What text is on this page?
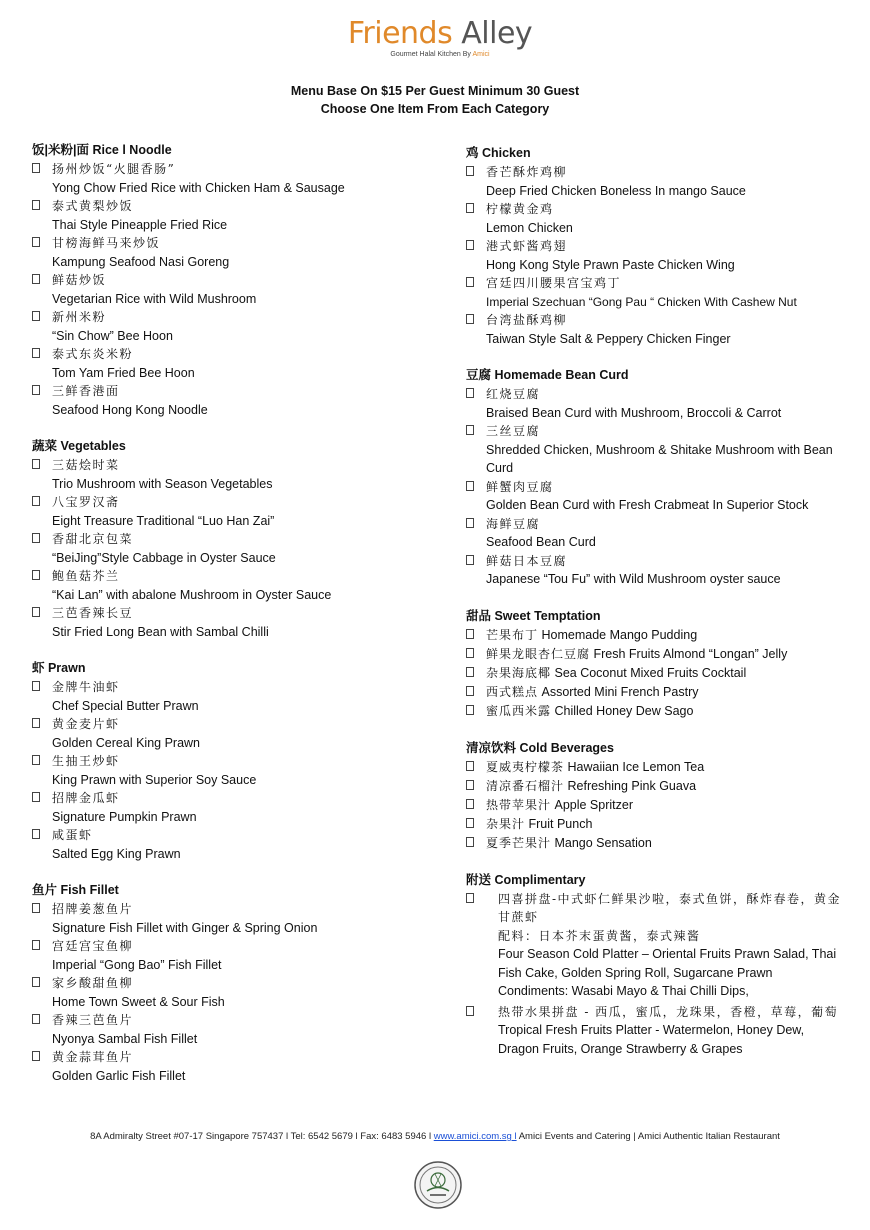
Friends Alley
Gourmet Halal Kitchen By Amici
Menu Base On $15 Per Guest Minimum 30 Guest
Choose One Item From Each Category
饭|米粉|面 Rice l Noodle
扬州炒饭“火腿香肠”
Yong Chow Fried Rice with Chicken Ham & Sausage
泰式黄梨炒饭
Thai Style Pineapple Fried Rice
甘榜海鲜马来炒饭
Kampung Seafood Nasi Goreng
鲜菇炒饭
Vegetarian Rice with Wild Mushroom
新州米粉
“Sin Chow” Bee Hoon
泰式东炎米粉
Tom Yam Fried Bee Hoon
三鲜香港面
Seafood Hong Kong Noodle
蔬菜 Vegetables
三菇烩时菜
Trio Mushroom with Season Vegetables
八宝罗汉斋
Eight Treasure Traditional “Luo Han Zai”
香甜北京包菜
“BeiJing”Style Cabbage in Oyster Sauce
鲍鱼菇芥兰
“Kai Lan” with abalone Mushroom in Oyster Sauce
三芭香辣长豆
Stir Fried Long Bean with Sambal Chilli
虾 Prawn
金牌牛油虾
Chef Special Butter Prawn
黄金麦片虾
Golden Cereal King Prawn
生抽王炒虾
King Prawn with Superior Soy Sauce
招牌金瓜虾
Signature Pumpkin Prawn
咸蛋虾
Salted Egg King Prawn
鱼片 Fish Fillet
招牌姜葱鱼片
Signature Fish Fillet with Ginger & Spring Onion
宫廷宫宝鱼柳
Imperial “Gong Bao” Fish Fillet
家乡酸甜鱼柳
Home Town Sweet & Sour Fish
香辣三芭鱼片
Nyonya Sambal Fish Fillet
黄金蒜茸鱼片
Golden Garlic Fish Fillet
鸡 Chicken
香芒酥炸鸡柳
Deep Fried Chicken Boneless In mango Sauce
柠檬黄金鸡
Lemon Chicken
港式虾酱鸡翅
Hong Kong Style Prawn Paste Chicken Wing
宫廷四川腰果宫宝鸡丁
Imperial Szechuan “Gong Pau “ Chicken With Cashew Nut
台湾盐酥鸡柳
Taiwan Style Salt & Peppery Chicken Finger
豆腐 Homemade Bean Curd
红烧豆腐
Braised Bean Curd with Mushroom, Broccoli & Carrot
三丝豆腐
Shredded Chicken, Mushroom & Shitake Mushroom with Bean Curd
鲜蟹肉豆腐
Golden Bean Curd with Fresh Crabmeat In Superior Stock
海鲜豆腐
Seafood Bean Curd
鲜菇日本豆腐
Japanese “Tou Fu” with Wild Mushroom oyster sauce
甜品 Sweet Temptation
芒果布丁 Homemade Mango Pudding
鲜果龙眼杏仁豆腐 Fresh Fruits Almond “Longan” Jelly
杂果海底椰 Sea Coconut Mixed Fruits Cocktail
西式糕点 Assorted Mini French Pastry
蜜瓜西米露 Chilled Honey Dew Sago
清凉饮料 Cold Beverages
夏威夷柠檬茶 Hawaiian Ice Lemon Tea
清凉番石榴汁 Refreshing Pink Guava
热带苹果汁 Apple Spritzer
杂果汁 Fruit Punch
夏季芒果汁 Mango Sensation
附送 Complimentary
四喜拼盘-中式虾仁鲜果沙啦，泰式鱼饼，酥炸春卷，黄金甘蔗虾
配料：日本芥末蛋黄酱，泰式辣酱
Four Season Cold Platter – Oriental Fruits Prawn Salad, Thai Fish Cake, Golden Spring Roll, Sugarcane Prawn
Condiments: Wasabi Mayo & Thai Chilli Dips,
热带水果拼盘 - 西瓜，蜜瓜，龙珠果，香橙，草莓，葡萄
Tropical Fresh Fruits Platter - Watermelon, Honey Dew, Dragon Fruits, Orange Strawberry & Grapes
8A Admiralty Street #07-17 Singapore 757437 l Tel: 6542 5679 l Fax: 6483 5946 l www.amici.com.sg l Amici Events and Catering | Amici Authentic Italian Restaurant
